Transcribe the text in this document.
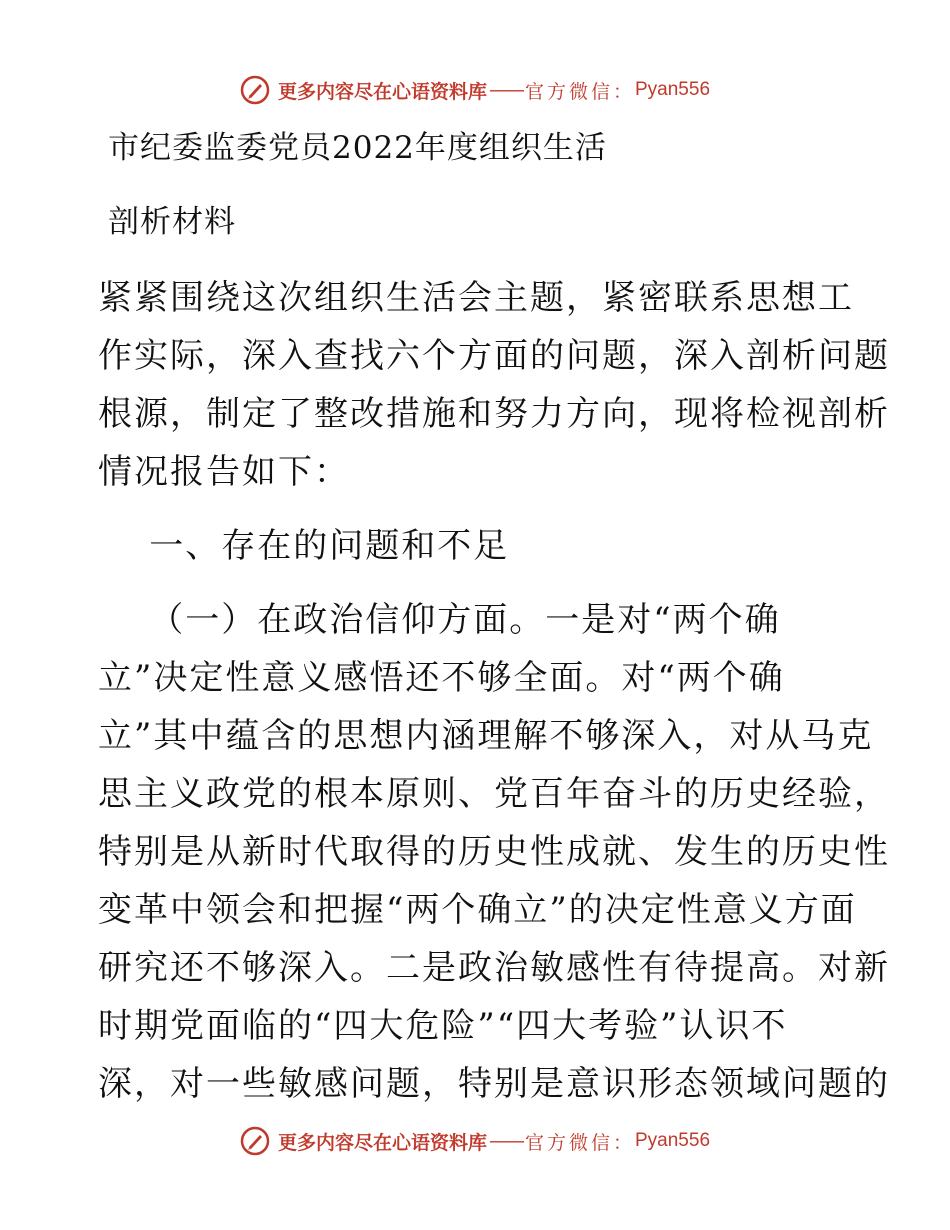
更多内容尽在心语资料库 —— 官方微信： Pyan556
市纪委监委党员2022年度组织生活
剖析材料
紧紧围绕这次组织生活会主题，紧密联系思想工
作实际，深入查找六个方面的问题，深入剖析问题
根源，制定了整改措施和努力方向，现将检视剖析
情况报告如下：
一、存在的问题和不足
（一）在政治信仰方面。一是对“两个确
立”决定性意义感悟还不够全面。对“两个确
立”其中蕴含的思想内涵理解不够深入，对从马克
思主义政党的根本原则、党百年奋斗的历史经验，
特别是从新时代取得的历史性成就、发生的历史性
变革中领会和把握“两个确立”的决定性意义方面
研究还不够深入。二是政治敏感性有待提高。对新
时期党面临的“四大危险”“四大考验”认识不
深，对一些敏感问题，特别是意识形态领域问题的
更多内容尽在心语资料库 —— 官方微信： Pyan556
